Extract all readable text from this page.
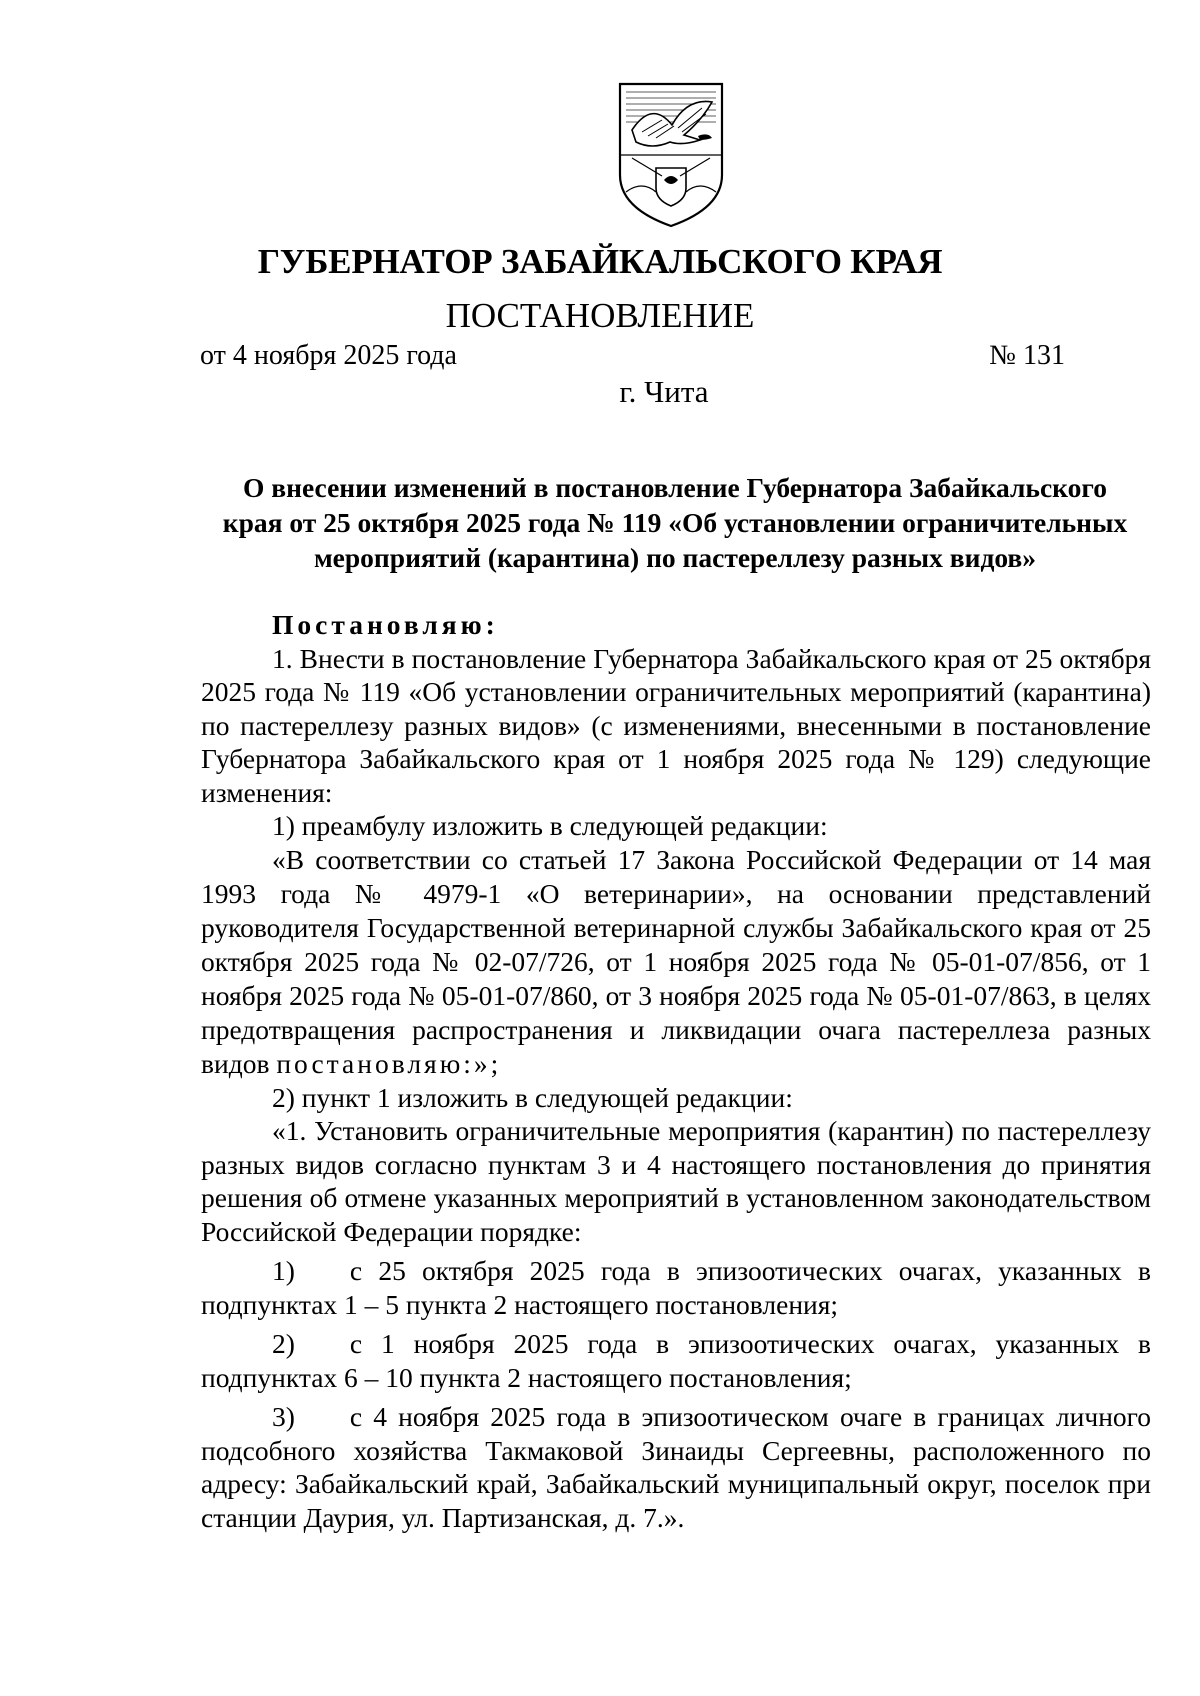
ГУБЕРНАТОР ЗАБАЙКАЛЬСКОГО КРАЯ
ПОСТАНОВЛЕНИЕ
от 4 ноября 2025 года	№ 131
г. Чита
О внесении изменений в постановление Губернатора Забайкальского
края от 25 октября 2025 года № 119 «Об установлении ограничительных
мероприятий (карантина) по пастереллезу разных видов»

Постановляю:

1. Внести в постановление Губернатора Забайкальского края от 25 октября 2025 года № 119 «Об установлении ограничительных мероприятий (карантина) по пастереллезу разных видов» (с изменениями, внесенными в постановление Губернатора Забайкальского края от 1 ноября 2025 года № 129) следующие изменения:

1) преамбулу изложить в следующей редакции:

«В соответствии со статьей 17 Закона Российской Федерации от 14 мая 1993 года № 4979-1 «О ветеринарии», на основании представлений руководителя Государственной ветеринарной службы Забайкальского края от 25 октября 2025 года № 02-07/726, от 1 ноября 2025 года № 05-01-07/856, от 1 ноября 2025 года № 05-01-07/860, от 3 ноября 2025 года № 05-01-07/863, в целях предотвращения распространения и ликвидации очага пастереллеза разных видов постановляю:»;

2) пункт 1 изложить в следующей редакции:

«1. Установить ограничительные мероприятия (карантин) по пастереллезу разных видов согласно пунктам 3 и 4 настоящего постановления до принятия решения об отмене указанных мероприятий в установленном законодательством Российской Федерации порядке:

1) с 25 октября 2025 года в эпизоотических очагах, указанных в подпунктах 1 – 5 пункта 2 настоящего постановления;

2) с 1 ноября 2025 года в эпизоотических очагах, указанных в подпунктах 6 – 10 пункта 2 настоящего постановления;

3) с 4 ноября 2025 года в эпизоотическом очаге в границах личного подсобного хозяйства Такмаковой Зинаиды Сергеевны, расположенного по адресу: Забайкальский край, Забайкальский муниципальный округ, поселок при станции Даурия, ул. Партизанская, д. 7.».
